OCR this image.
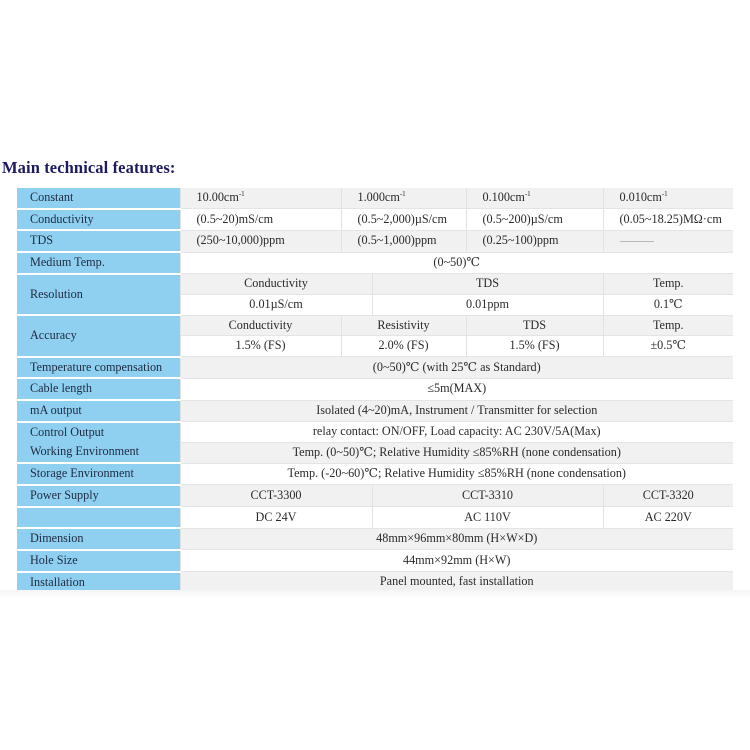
Main technical features:
Constant	$10.00cm^{-1}$	$1.000cm^{-1}$		$0.100cm^{-1}$	$0.010cm^{-1}$
Conductivity	(0.5~20)mS/cm	(0.5~2,000)µS/cm		(0.5~200)µS/cm	(0.05~18.25)MΩ·cm
TDS	(250~10,000)ppm	(0.5~1,000)ppm		(0.25~100)ppm	
Medium Temp.	(0~50)℃				
Resolution	Conductivity		TDS		Temp.
	0.01µS/cm		0.01ppm		0.1℃
Accuracy	Conductivity	Resistivity		TDS	Temp.
	1.5% (FS)	2.0% (FS)		1.5% (FS)	±0.5℃
Temperature compensation	(0~50)℃ (with 25℃ as Standard)				
Cable length	≤5m(MAX)				
mA output	Isolated (4~20)mA, Instrument / Transmitter for selection				
Control Output	relay contact: ON/OFF, Load capacity: AC 230V/5A(Max)				
Working Environment	Temp. (0~50)℃; Relative Humidity ≤85%RH (none condensation)				
Storage Environment	Temp. (-20~60)℃; Relative Humidity ≤85%RH (none condensation)				
Power Supply	CCT-3300		CCT-3310		CCT-3320
	DC 24V		AC 110V		AC 220V
Dimension	48mm×96mm×80mm (H×W×D)				
Hole Size	44mm×92mm (H×W)				
Installation	Panel mounted, fast installation				
